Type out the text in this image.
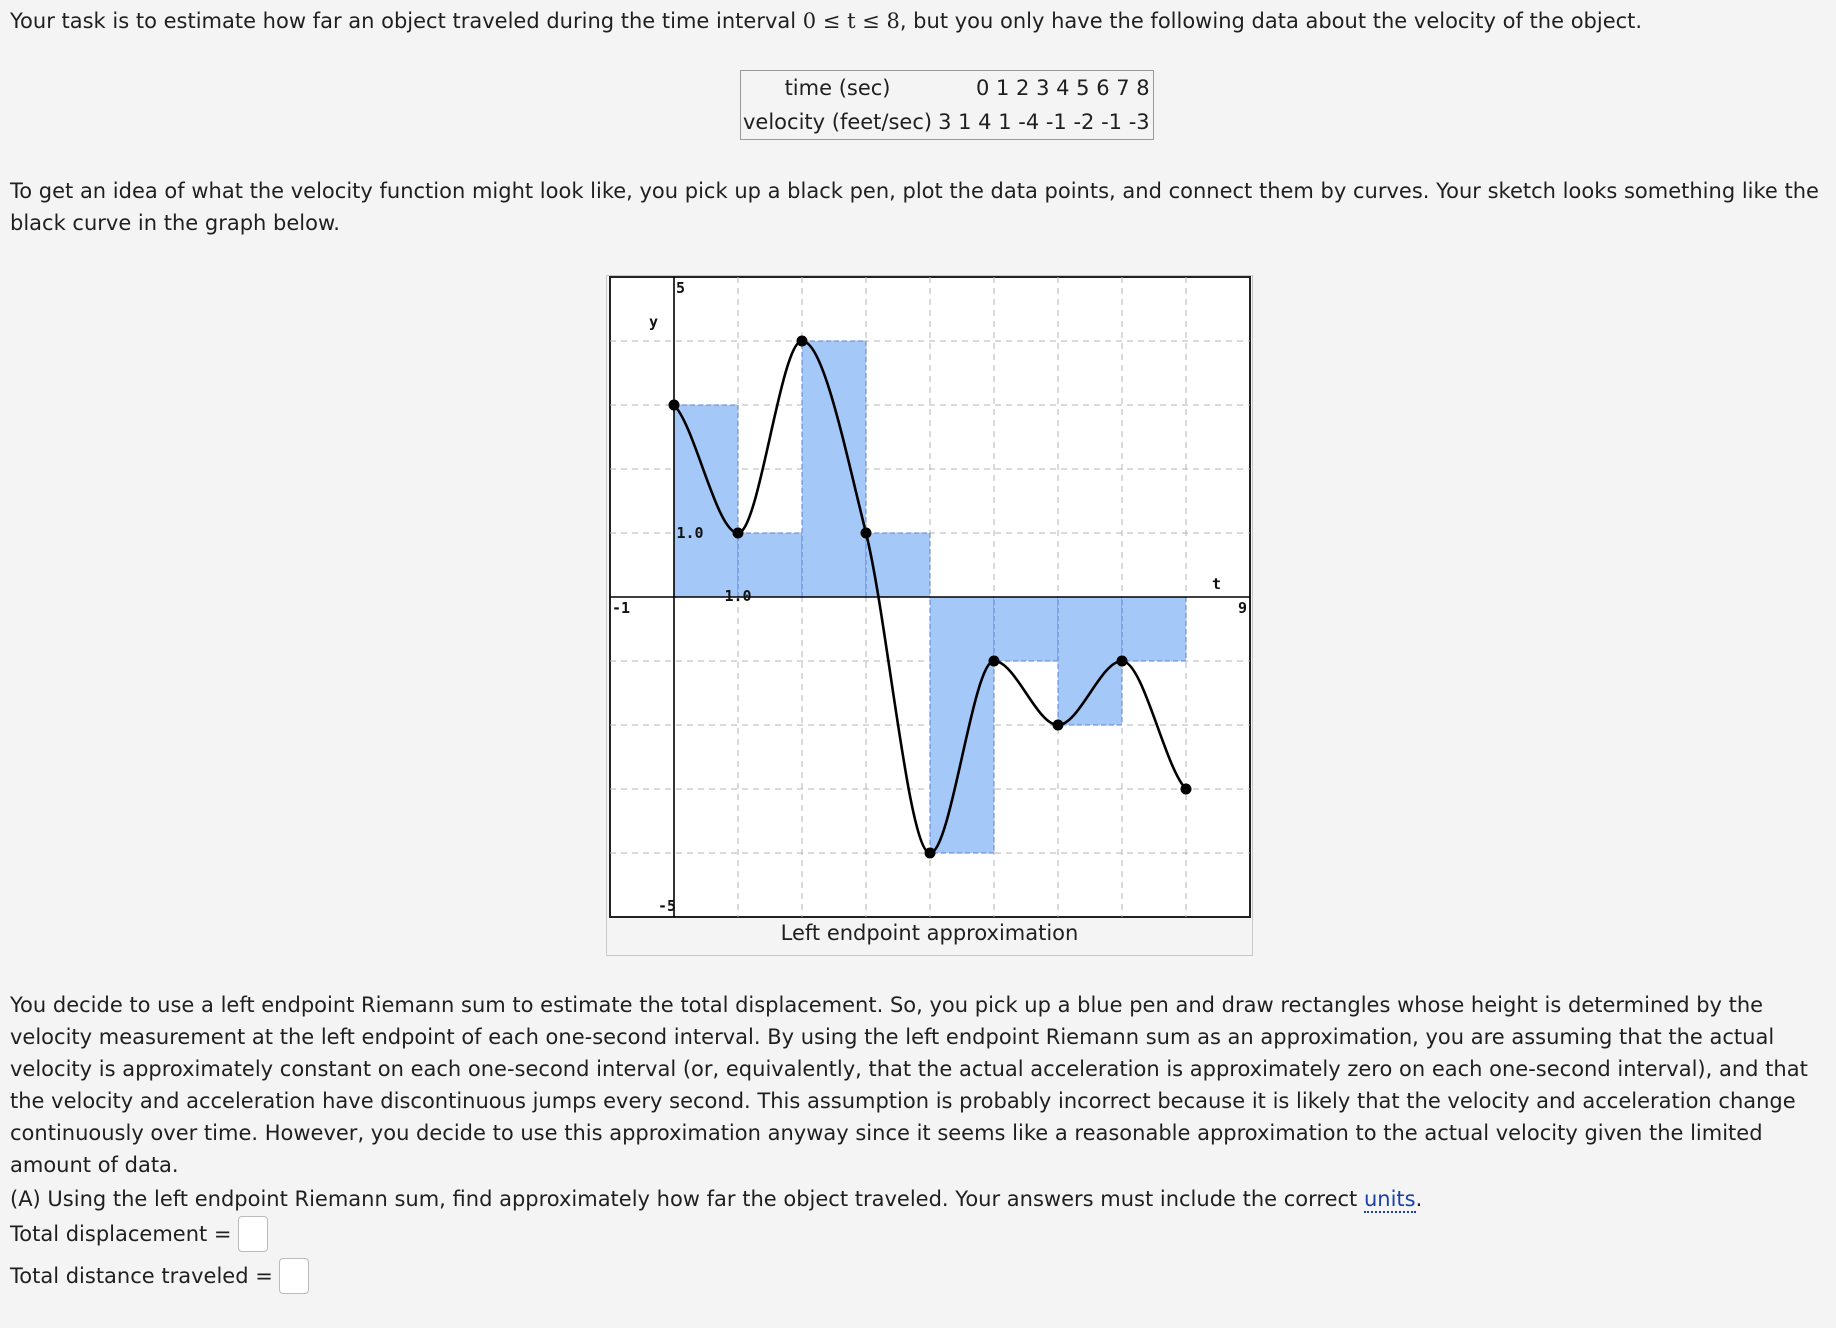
Your task is to estimate how far an object traveled during the time interval 0 ≤ t ≤ 8, but you only have the following data about the velocity of the object.

time (sec)	0 1 2 3 4 5 6 7 8
velocity (feet/sec)	3 1 4 1 -4 -1 -2 -1 -3

To get an idea of what the velocity function might look like, you pick up a black pen, plot the data points, and connect them by curves. Your sketch looks something like the black curve in the graph below.

-1	9
1.0
5
-5
1.0
y
t
Left endpoint approximation

You decide to use a left endpoint Riemann sum to estimate the total displacement. So, you pick up a blue pen and draw rectangles whose height is determined by the velocity measurement at the left endpoint of each one-second interval. By using the left endpoint Riemann sum as an approximation, you are assuming that the actual velocity is approximately constant on each one-second interval (or, equivalently, that the actual acceleration is approximately zero on each one-second interval), and that the velocity and acceleration have discontinuous jumps every second. This assumption is probably incorrect because it is likely that the velocity and acceleration change continuously over time. However, you decide to use this approximation anyway since it seems like a reasonable approximation to the actual velocity given the limited amount of data.

(A) Using the left endpoint Riemann sum, find approximately how far the object traveled. Your answers must include the correct units.

Total displacement =
Total distance traveled =
